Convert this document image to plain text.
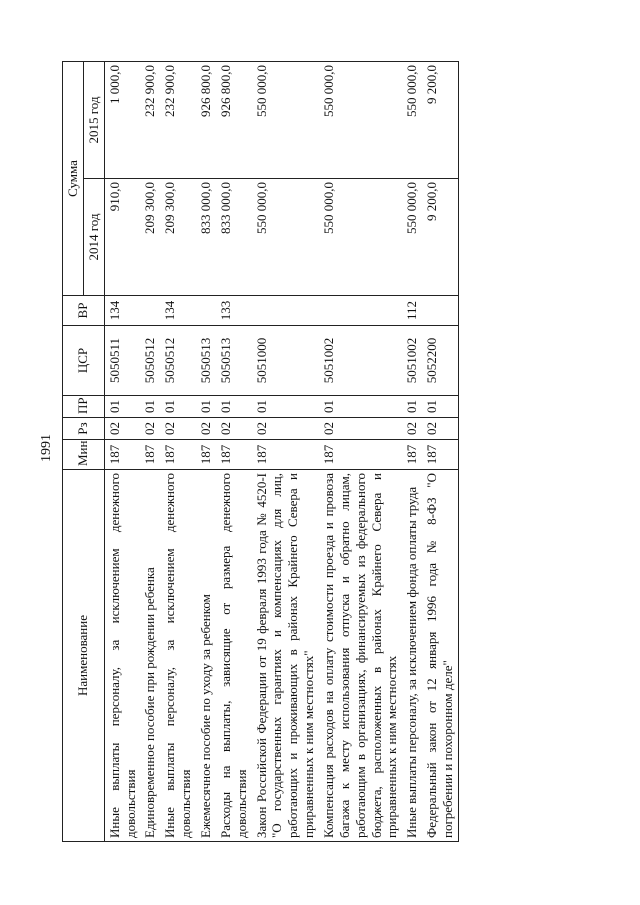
1991
Наименование	Мин	Рз	ПР	ЦСР	ВР	Сумма	
						2014 год	2015 год
Иные выплаты персоналу, за исключением денежного довольствия	187	02	01	5050511	134	910,0	1 000,0
Единовременное пособие при рождении ребенка	187	02	01	5050512		209 300,0	232 900,0
Иные выплаты персоналу, за исключением денежного довольствия	187	02	01	5050512	134	209 300,0	232 900,0
Ежемесячное пособие по уходу за ребенком	187	02	01	5050513		833 000,0	926 800,0
Расходы на выплаты, зависящие от размера денежного довольствия	187	02	01	5050513	133	833 000,0	926 800,0
Закон Российской Федерации от 19 февраля 1993 года № 4520-I "О государственных гарантиях и компенсациях для лиц, работающих и проживающих в районах Крайнего Севера и приравненных к ним местностях"	187	02	01	5051000		550 000,0	550 000,0
Компенсация расходов на оплату стоимости проезда и провоза багажа к месту использования отпуска и обратно лицам, работающим в организациях, финансируемых из федерального бюджета, расположенных в районах Крайнего Севера и приравненных к ним местностях	187	02	01	5051002		550 000,0	550 000,0
Иные выплаты персоналу, за исключением фонда оплаты труда	187	02	01	5051002	112	550 000,0	550 000,0
Федеральный закон от 12 января 1996 года № 8-ФЗ "О погребении и похоронном деле"	187	02	01	5052200		9 200,0	9 200,0
